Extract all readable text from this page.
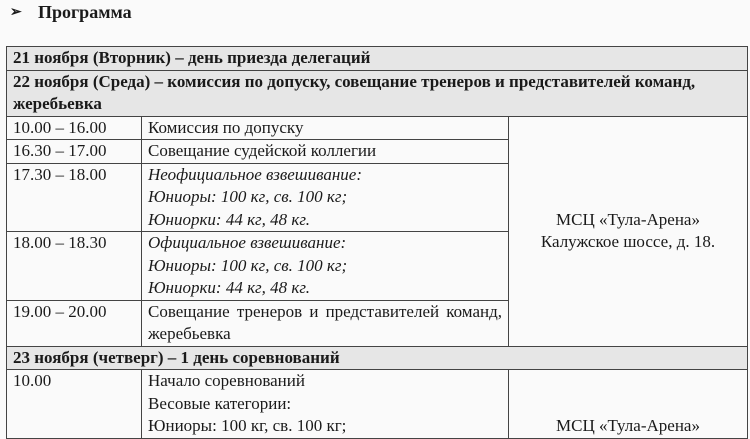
➢ Программа
21 ноября (Вторник) – день приезда делегаций		
22 ноября (Среда) – комиссия по допуску, совещание тренеров и представителей команд, жеребьевка		
10.00 – 16.00	Комиссия по допуску	МСЦ «Тула-Арена»
Калужское шоссе, д. 18.

16.30 – 17.00	Совещание судейской коллегии	
17.30 – 18.00	Неофициальное взвешивание:
Юниоры: 100 кг, св. 100 кг;
Юниорки: 44 кг, 48 кг.	

18.00 – 18.30	Официальное взвешивание:
Юниоры: 100 кг, св. 100 кг;
Юниорки: 44 кг, 48 кг.	

19.00 – 20.00	Совещание тренеров и представителей команд, жеребьевка	
23 ноября (четверг) – 1 день соревнований		
10.00	Начало соревнований
Весовые категории:
Юниоры: 100 кг, св. 100 кг;	МСЦ «Тула-Арена»
